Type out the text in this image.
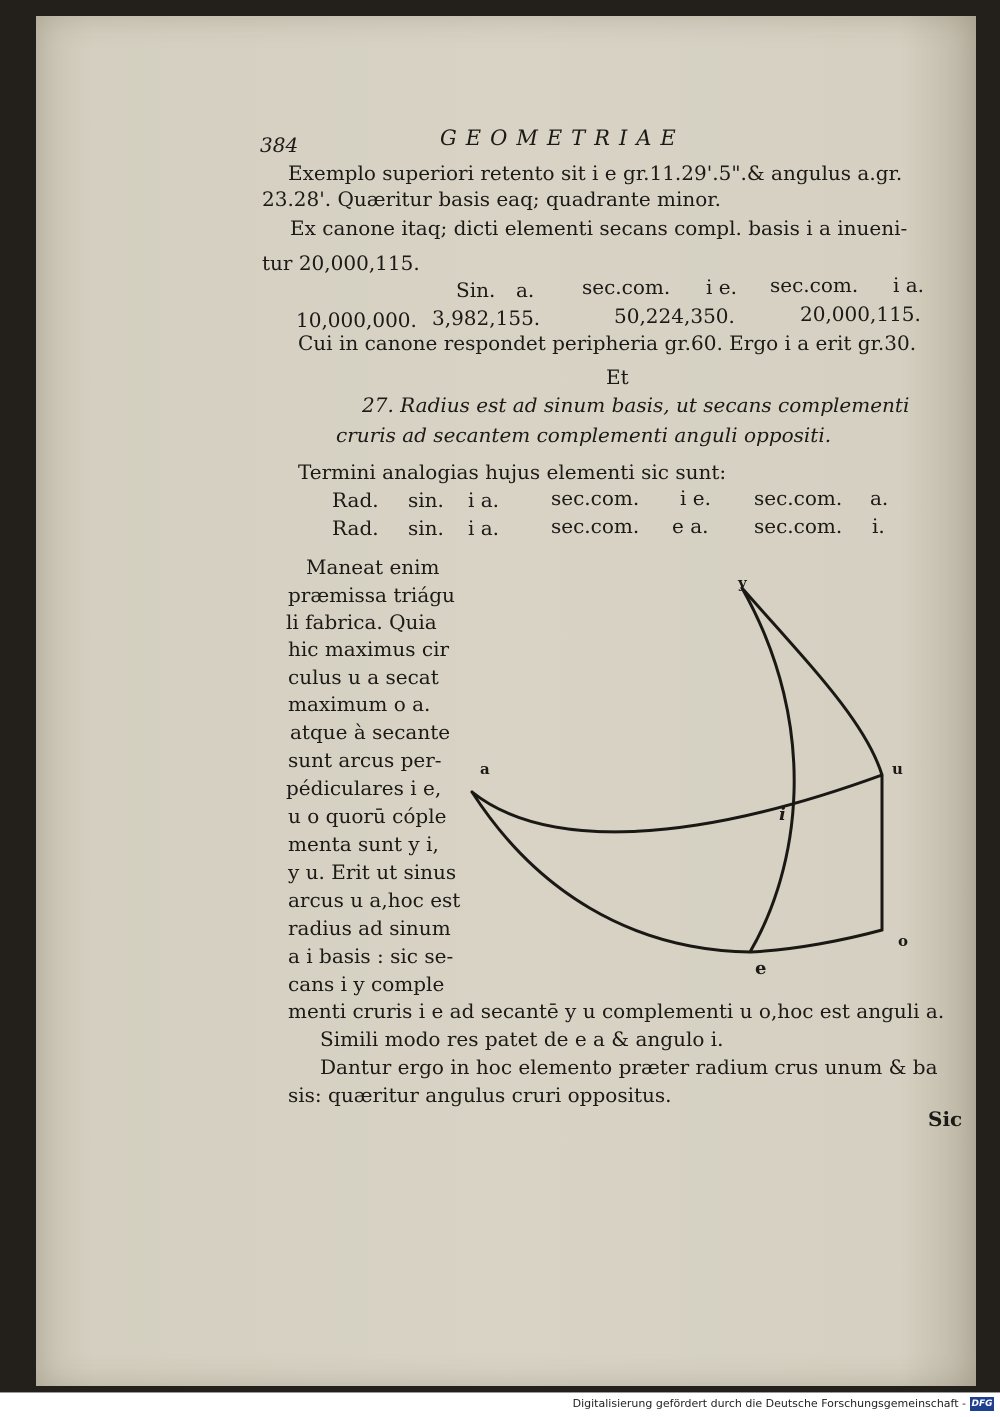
384	GEOMETRIAE
Exemplo superiori retento sit i e gr.11.29'.5".& angulus a.gr.
23.28'. Quæritur basis eaq; quadrante minor.
Ex canone itaq; dicti elementi secans compl. basis i a inueni-
tur 20,000,115.
Sin. a. sec.com. i e. sec.com. i a.
10,000,000. 3,982,155.	50,224,350.	20,000,115.
Cui in canone respondet peripheria gr.60. Ergo i a erit gr.30.
Et
27. Radius est ad sinum basis, ut secans complementi
cruris ad secantem complementi anguli oppositi.
Termini analogias hujus elementi sic sunt:
Rad. sin. i a.	sec.com. i e. sec.com. a.
Rad. sin. i a.	sec.com. e a. sec.com. i.
Maneat enim
præmissa triágu
li fabrica. Quia
hic maximus cir
culus u a secat
maximum o a.
atque à secante
sunt arcus per-
pédiculares i e,
u o quorū cóple
menta sunt y i,
y u. Erit ut sinus
arcus u a,hoc est
radius ad sinum
a i basis : sic se-
cans i y comple
y
a	u
i
o
e
menti cruris i e ad secantē y u complementi u o,hoc est anguli a.
Simili modo res patet de e a & angulo i.
Dantur ergo in hoc elemento præter radium crus unum & ba
sis: quæritur angulus cruri oppositus.
Sic
Digitalisierung gefördert durch die Deutsche Forschungsgemeinschaft - DFG
